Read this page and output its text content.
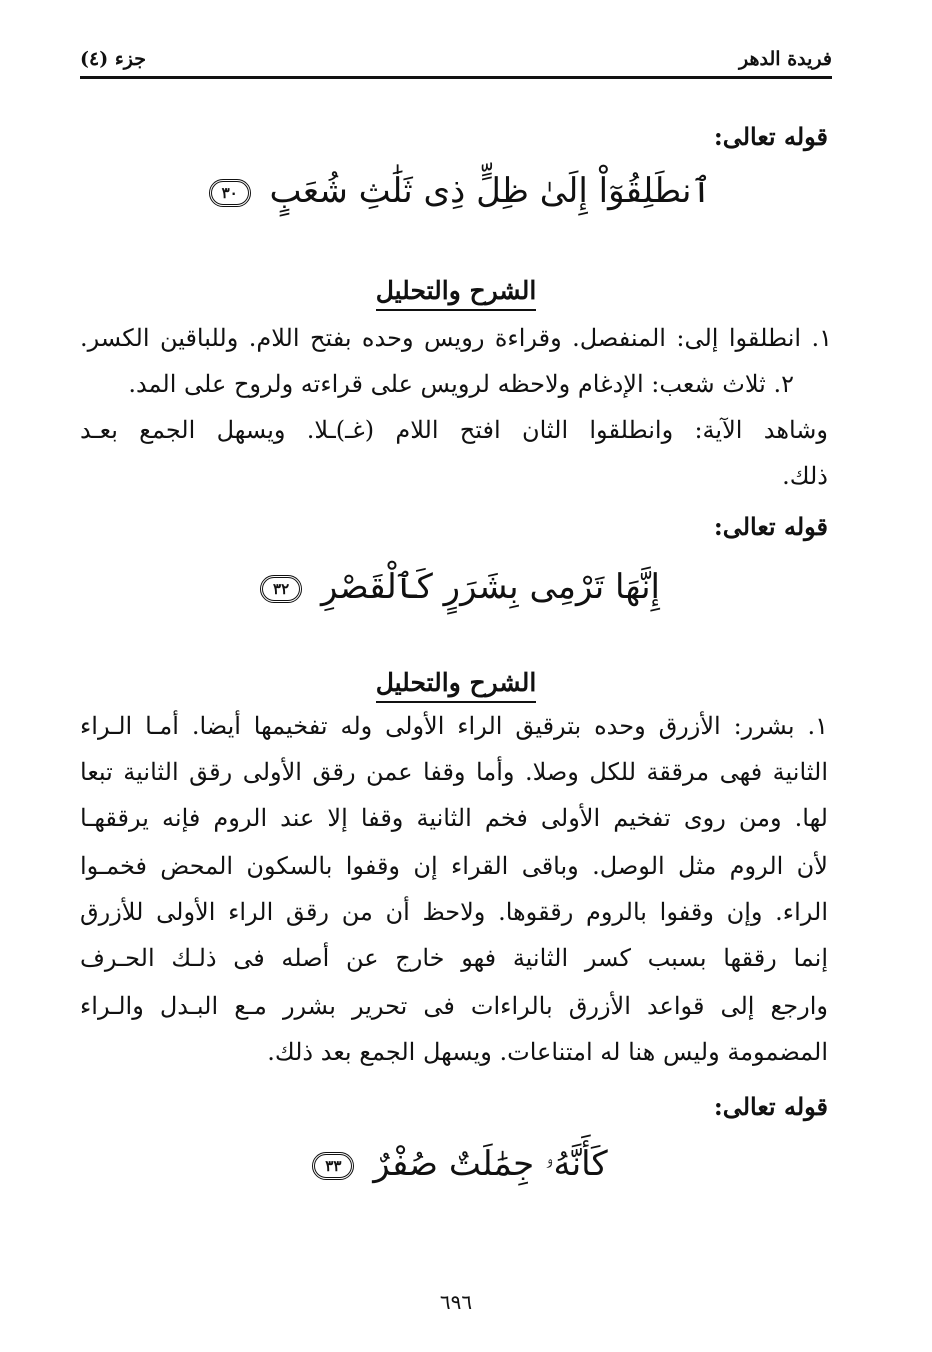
فريدة الدهر
جزء (٤)
قوله تعالى:
ٱنطَلِقُوٓاْ إِلَىٰ ظِلٍّ ذِى ثَلَٰثِ شُعَبٍ ٣٠
الشرح والتحليل
١. انطلقوا إلى: المنفصل. وقراءة رويس وحده بفتح اللام. وللباقين الكسر.
٢. ثلاث شعب: الإدغام ولاحظه لرويس على قراءته ولروح على المد.
وشاهد الآية: وانطلقوا الثان افتح اللام (غـ)ـلا. ويسهل الجمع بعـد
ذلك.
قوله تعالى:
إِنَّهَا تَرْمِى بِشَرَرٍ كَٱلْقَصْرِ ٣٢
الشرح والتحليل
١. بشرر: الأزرق وحده بترقيق الراء الأولى وله تفخيمها أيضا. أمـا الـراء
الثانية فهى مرققة للكل وصلا. وأما وقفا عمن رقق الأولى رقق الثانية تبعا
لها. ومن روى تفخيم الأولى فخم الثانية وقفا إلا عند الروم فإنه يرققهـا
لأن الروم مثل الوصل. وباقى القراء إن وقفوا بالسكون المحض فخمـوا
الراء. وإن وقفوا بالروم رققوها. ولاحظ أن من رقق الراء الأولى للأزرق
إنما رققها بسبب كسر الثانية فهو خارج عن أصله فى ذلـك الحـرف
وارجع إلى قواعد الأزرق بالراءات فى تحرير بشرر مـع البـدل والـراء
المضمومة وليس هنا له امتناعات. ويسهل الجمع بعد ذلك.
قوله تعالى:
كَأَنَّهُۥ جِمَٰلَتٌ صُفْرٌ ٣٣
٦٩٦
